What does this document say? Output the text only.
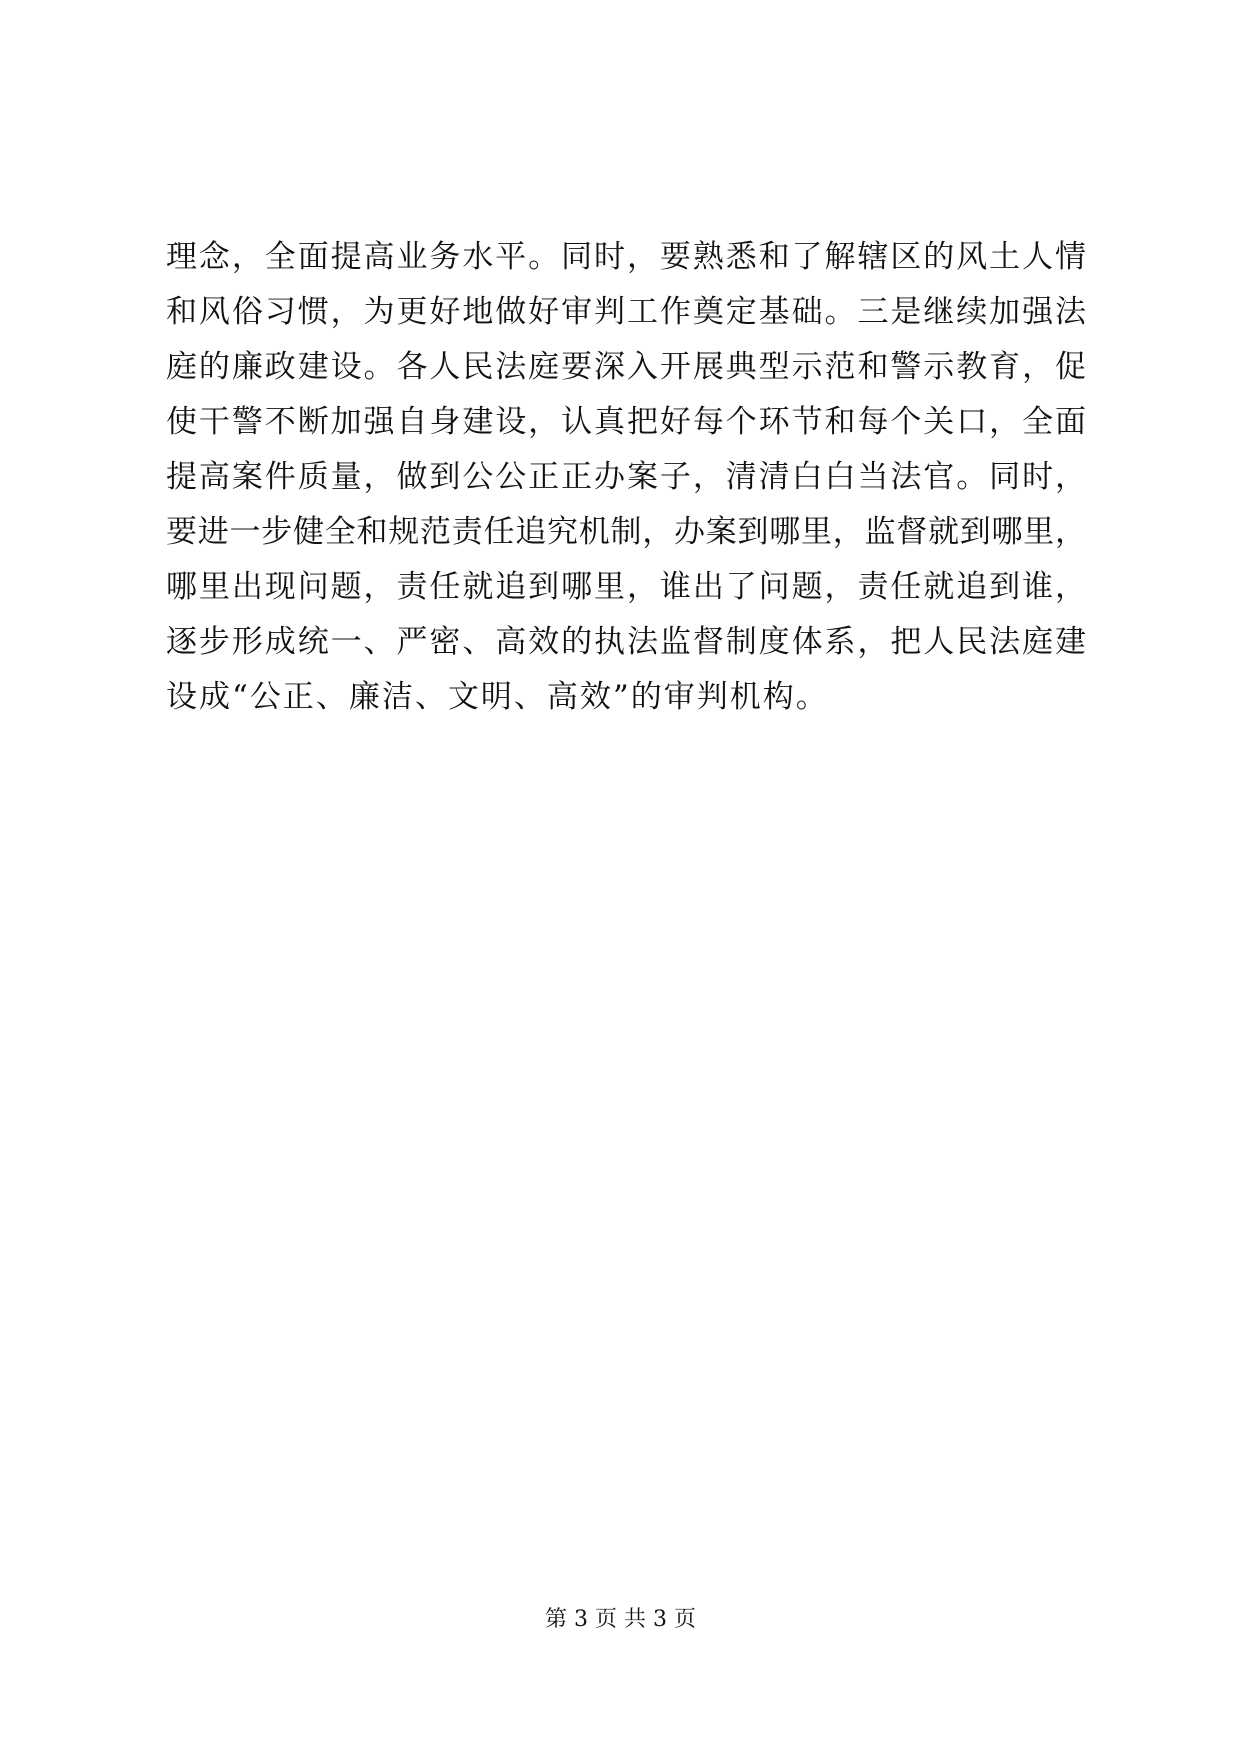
理念，全面提高业务水平。同时，要熟悉和了解辖区的风土人情
和风俗习惯，为更好地做好审判工作奠定基础。三是继续加强法
庭的廉政建设。各人民法庭要深入开展典型示范和警示教育，促
使干警不断加强自身建设，认真把好每个环节和每个关口，全面
提高案件质量，做到公公正正办案子，清清白白当法官。同时，
要进一步健全和规范责任追究机制，办案到哪里，监督就到哪里，
哪里出现问题，责任就追到哪里，谁出了问题，责任就追到谁，
逐步形成统一、严密、高效的执法监督制度体系，把人民法庭建
设成“公正、廉洁、文明、高效”的审判机构。
第 3 页 共 3 页
